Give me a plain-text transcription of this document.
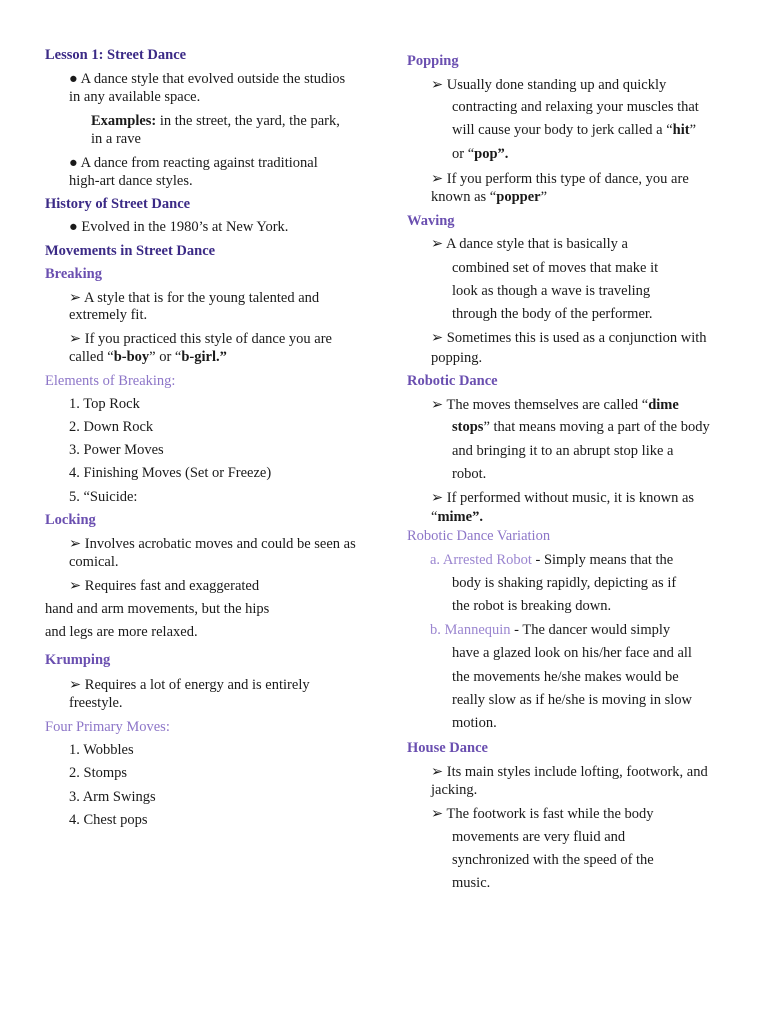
Lesson 1: Street Dance
● A dance style that evolved outside the studios
in any available space.
Examples: in the street, the yard, the park,
in a rave
● A dance from reacting against traditional
high-art dance styles.
History of Street Dance
● Evolved in the 1980’s at New York.
Movements in Street Dance
Breaking
➢ A style that is for the young talented and
extremely fit.
➢ If you practiced this style of dance you are
called “b-boy” or “b-girl.”
Elements of Breaking:
1. Top Rock
2. Down Rock
3. Power Moves
4. Finishing Moves (Set or Freeze)
5. “Suicide:
Locking
➢ Involves acrobatic moves and could be seen as
comical.
➢ Requires fast and exaggerated
hand and arm movements, but the hips
and legs are more relaxed.
Krumping
➢ Requires a lot of energy and is entirely
freestyle.
Four Primary Moves:
1. Wobbles
2. Stomps
3. Arm Swings
4. Chest pops
Popping
➢ Usually done standing up and quickly
contracting and relaxing your muscles that
will cause your body to jerk called a “hit”
or “pop”.
➢ If you perform this type of dance, you are
known as “popper”
Waving
➢ A dance style that is basically a
combined set of moves that make it
look as though a wave is traveling
through the body of the performer.
➢ Sometimes this is used as a conjunction with
popping.
Robotic Dance
➢ The moves themselves are called “dime
stops” that means moving a part of the body
and bringing it to an abrupt stop like a
robot.
➢ If performed without music, it is known as
“mime”.
Robotic Dance Variation
a. Arrested Robot - Simply means that the
body is shaking rapidly, depicting as if
the robot is breaking down.
b. Mannequin - The dancer would simply
have a glazed look on his/her face and all
the movements he/she makes would be
really slow as if he/she is moving in slow
motion.
House Dance
➢ Its main styles include lofting, footwork, and
jacking.
➢ The footwork is fast while the body
movements are very fluid and
synchronized with the speed of the
music.
